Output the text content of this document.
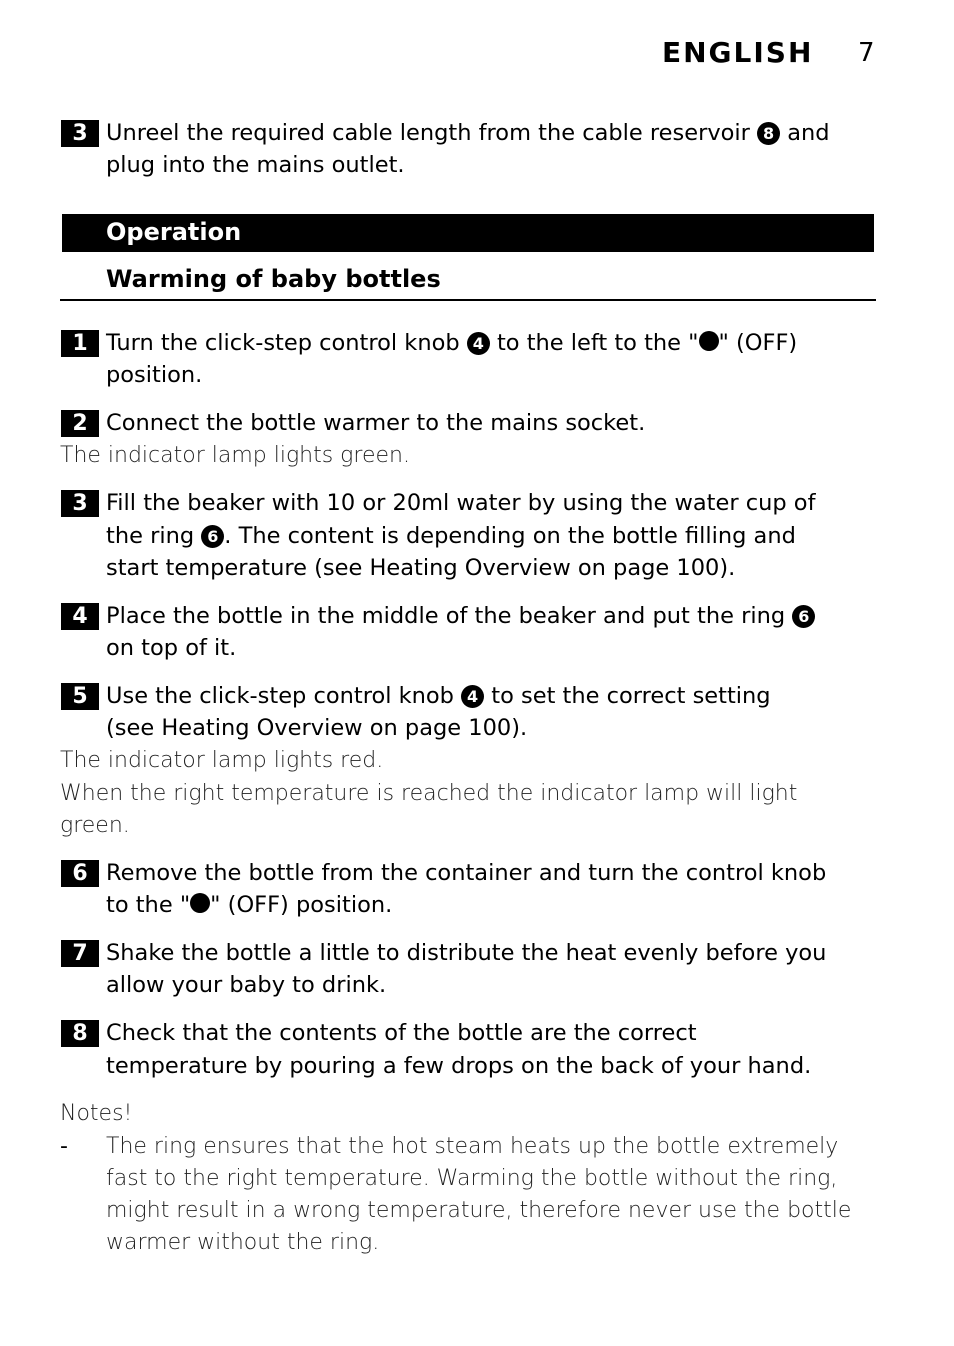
ENGLISH 7
3 Unreel the required cable length from the cable reservoir 8 and
plug into the mains outlet.
Operation
Warming of baby bottles
1 Turn the click-step control knob 4 to the left to the " " (OFF)
position.
2 Connect the bottle warmer to the mains socket.
The indicator lamp lights green.
3 Fill the beaker with 10 or 20ml water by using the water cup of
the ring 6 . The content is depending on the bottle filling and
start temperature (see Heating Overview on page 100).
4 Place the bottle in the middle of the beaker and put the ring 6
on top of it.
5 Use the click-step control knob 4 to set the correct setting
(see Heating Overview on page 100).
The indicator lamp lights red.
When the right temperature is reached the indicator lamp will light
green.
6 Remove the bottle from the container and turn the control knob
to the " " (OFF) position.
7 Shake the bottle a little to distribute the heat evenly before you
allow your baby to drink.
8 Check that the contents of the bottle are the correct
temperature by pouring a few drops on the back of your hand.
Notes!
- The ring ensures that the hot steam heats up the bottle extremely
fast to the right temperature. Warming the bottle without the ring,
might result in a wrong temperature, therefore never use the bottle
warmer without the ring.
